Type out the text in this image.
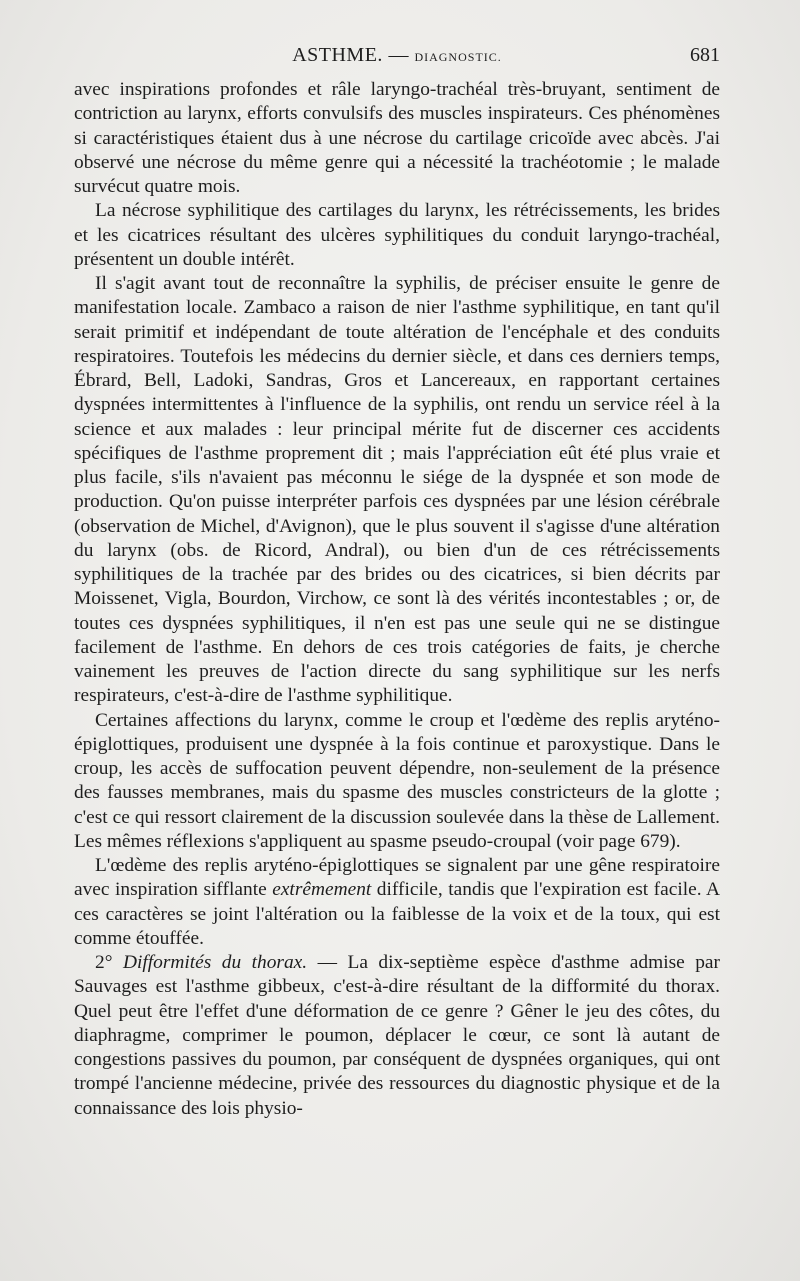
ASTHME. — DIAGNOSTIC.	681

avec inspirations profondes et râle laryngo-trachéal très-bruyant, sentiment de contriction au larynx, efforts convulsifs des muscles inspirateurs. Ces phénomènes si caractéristiques étaient dus à une nécrose du cartilage cricoïde avec abcès. J'ai observé une nécrose du même genre qui a nécessité la trachéotomie ; le malade survécut quatre mois.

La nécrose syphilitique des cartilages du larynx, les rétrécissements, les brides et les cicatrices résultant des ulcères syphilitiques du conduit laryngo-trachéal, présentent un double intérêt.

Il s'agit avant tout de reconnaître la syphilis, de préciser ensuite le genre de manifestation locale. Zambaco a raison de nier l'asthme syphilitique, en tant qu'il serait primitif et indépendant de toute altération de l'encéphale et des conduits respiratoires. Toutefois les médecins du dernier siècle, et dans ces derniers temps, Ébrard, Bell, Ladoki, Sandras, Gros et Lancereaux, en rapportant certaines dyspnées intermittentes à l'influence de la syphilis, ont rendu un service réel à la science et aux malades : leur principal mérite fut de discerner ces accidents spécifiques de l'asthme proprement dit ; mais l'appréciation eût été plus vraie et plus facile, s'ils n'avaient pas méconnu le siége de la dyspnée et son mode de production. Qu'on puisse interpréter parfois ces dyspnées par une lésion cérébrale (observation de Michel, d'Avignon), que le plus souvent il s'agisse d'une altération du larynx (obs. de Ricord, Andral), ou bien d'un de ces rétrécissements syphilitiques de la trachée par des brides ou des cicatrices, si bien décrits par Moissenet, Vigla, Bourdon, Virchow, ce sont là des vérités incontestables ; or, de toutes ces dyspnées syphilitiques, il n'en est pas une seule qui ne se distingue facilement de l'asthme. En dehors de ces trois catégories de faits, je cherche vainement les preuves de l'action directe du sang syphilitique sur les nerfs respirateurs, c'est-à-dire de l'asthme syphilitique.

Certaines affections du larynx, comme le croup et l'œdème des replis aryténo-épiglottiques, produisent une dyspnée à la fois continue et paroxystique. Dans le croup, les accès de suffocation peuvent dépendre, non-seulement de la présence des fausses membranes, mais du spasme des muscles constricteurs de la glotte ; c'est ce qui ressort clairement de la discussion soulevée dans la thèse de Lallement. Les mêmes réflexions s'appliquent au spasme pseudo-croupal (voir page 679).

L'œdème des replis aryténo-épiglottiques se signalent par une gêne respiratoire avec inspiration sifflante extrêmement difficile, tandis que l'expiration est facile. A ces caractères se joint l'altération ou la faiblesse de la voix et de la toux, qui est comme étouffée.

2° Difformités du thorax. — La dix-septième espèce d'asthme admise par Sauvages est l'asthme gibbeux, c'est-à-dire résultant de la difformité du thorax. Quel peut être l'effet d'une déformation de ce genre ? Gêner le jeu des côtes, du diaphragme, comprimer le poumon, déplacer le cœur, ce sont là autant de congestions passives du poumon, par conséquent de dyspnées organiques, qui ont trompé l'ancienne médecine, privée des ressources du diagnostic physique et de la connaissance des lois physio-
